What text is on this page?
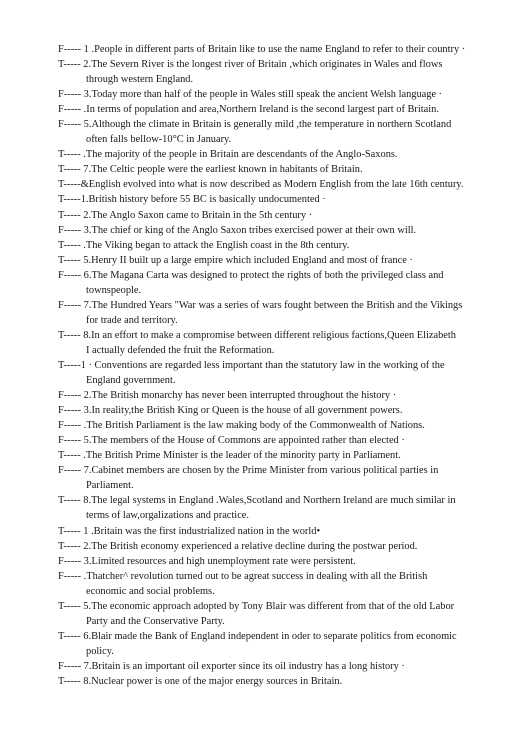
F----- 1 .People in different parts of Britain like to use the name England to refer to their country ·
T----- 2.The Severn River is the longest river of Britain ,which originates in Wales and flows
through western England.
F----- 3.Today more than half of the people in Wales still speak the ancient Welsh language ·
F----- .In terms of population and area,Northern Ireland is the second largest part of Britain.
F----- 5.Although the climate in Britain is generally mild ,the temperature in northern Scotland
often falls bellow-10°C in January.
T----- .The majority of the people in Britain are descendants of the Anglo-Saxons.
T----- 7.The Celtic people were the earliest known in habitants of Britain.
T-----&English evolved into what is now described as Modern English from the late 16th century.
T-----1.British history before 55 BC is basically undocumented ·
T----- 2.The Anglo Saxon came to Britain in the 5th century ·
F----- 3.The chief or king of the Anglo Saxon tribes exercised power at their own will.
T----- .The Viking began to attack the English coast in the 8th century.
T----- 5.Henry II built up a large empire which included England and most of france ·
F----- 6.The Magana Carta was designed to protect the rights of both the privileged class and
townspeople.
F----- 7.The Hundred Years "War was a series of wars fought between the British and the Vikings
for trade and territory.
T----- 8.In an effort to make a compromise between different religious factions,Queen Elizabeth
I actually defended the fruit the Reformation.
T-----1 · Conventions are regarded less important than the statutory law in the working of the
England government.
F----- 2.The British monarchy has never been interrupted throughout the history ·
F----- 3.In reality,the British King or Queen is the house of all government powers.
F----- .The British Parliament is the law making body of the Commonwealth of Nations.
F----- 5.The members of the House of Commons are appointed rather than elected ·
T----- .The British Prime Minister is the leader of the minority party in Parliament.
F----- 7.Cabinet members are chosen by the Prime Minister from various political parties in
Parliament.
T----- 8.The legal systems in England .Wales,Scotland and Northern Ireland are much similar in
terms of law,orgalizations and practice.
T----- 1 .Britain was the first industrialized nation in the world•
T----- 2.The British economy experienced a relative decline during the postwar period.
F----- 3.Limited resources and high unemployment rate were persistent.
F----- .Thatcher^ revolution turned out to be agreat success in dealing with all the British
economic and social problems.
T----- 5.The economic approach adopted by Tony Blair was different from that of the old Labor
Party and the Conservative Party.
T----- 6.Blair made the Bank of England independent in oder to separate politics from economic
policy.
F----- 7.Britain is an important oil exporter since its oil industry has a long history ·
T----- 8.Nuclear power is one of the major energy sources in Britain.
